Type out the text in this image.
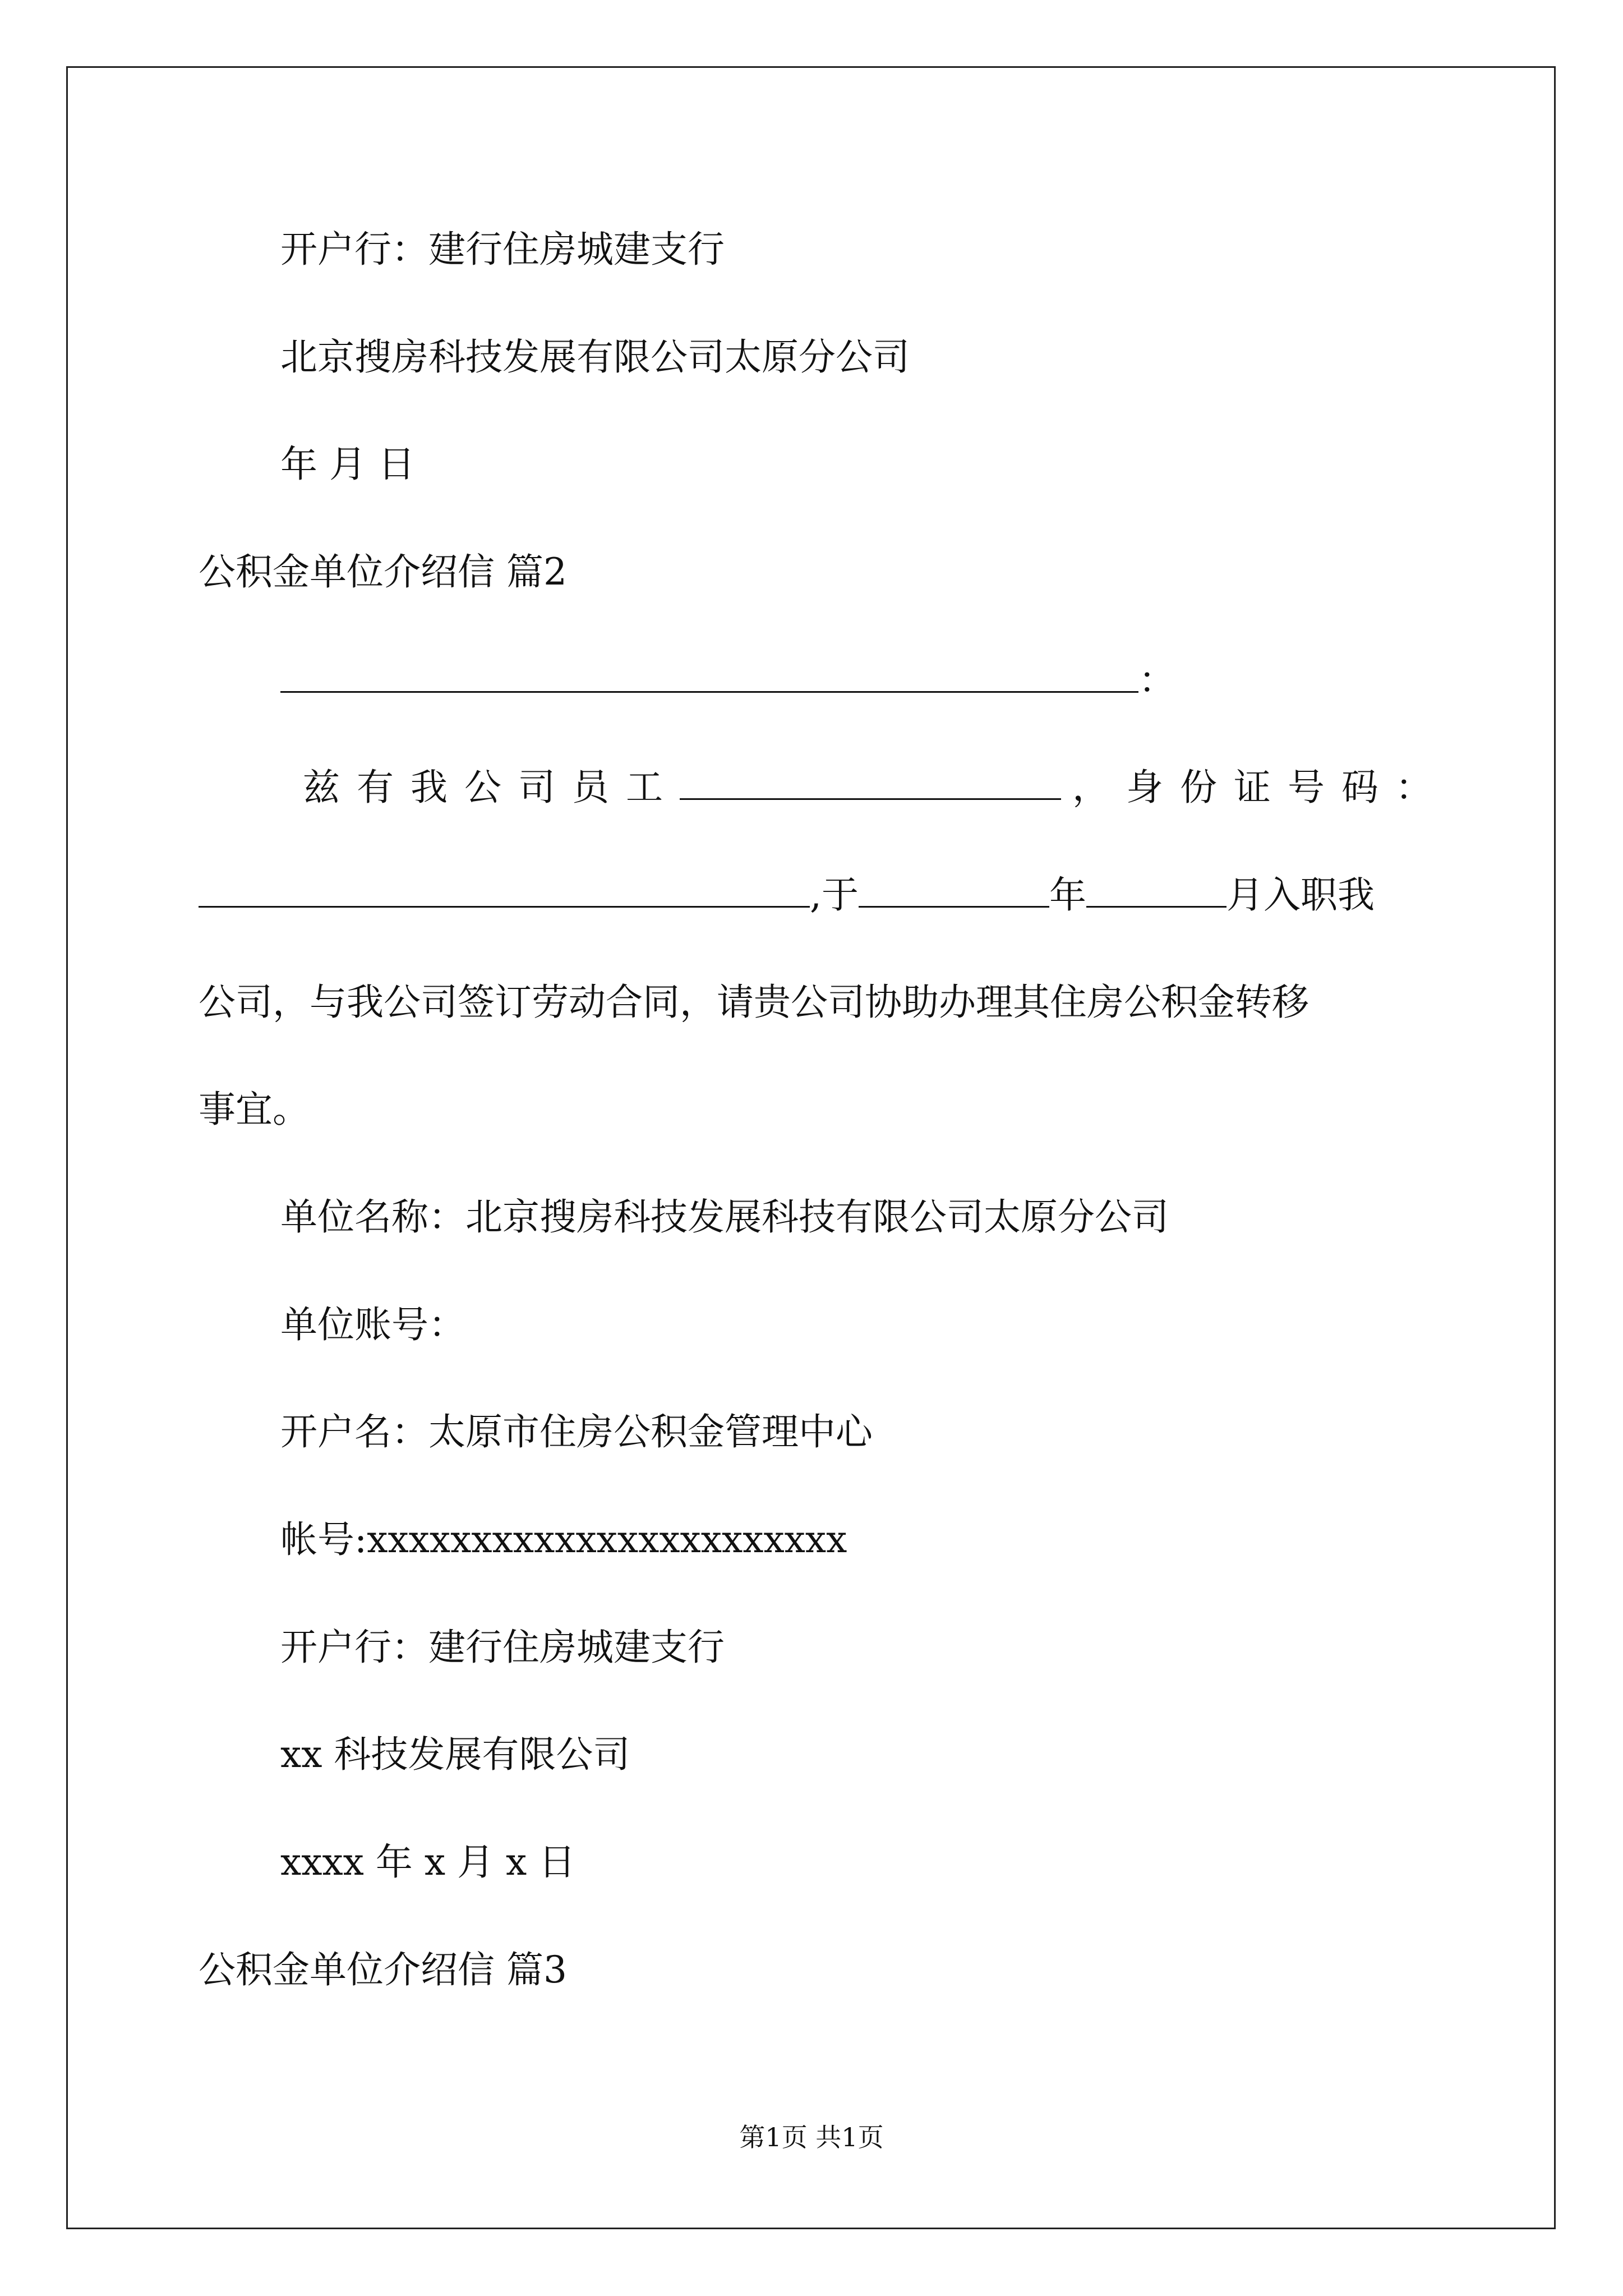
开户行：建行住房城建支行
北京搜房科技发展有限公司太原分公司
年 月 日
公积金单位介绍信 篇2
：
兹有我公司员工	，身份证号码：
,于	年	月入职我
公司，与我公司签订劳动合同，请贵公司协助办理其住房公积金转移
事宜。
单位名称：北京搜房科技发展科技有限公司太原分公司
单位账号：
开户名：太原市住房公积金管理中心
帐号:xxxxxxxxxxxxxxxxxxxxxxx
开户行：建行住房城建支行
xx 科技发展有限公司
xxxx 年 x 月 x 日
公积金单位介绍信 篇3
第1页 共1页
